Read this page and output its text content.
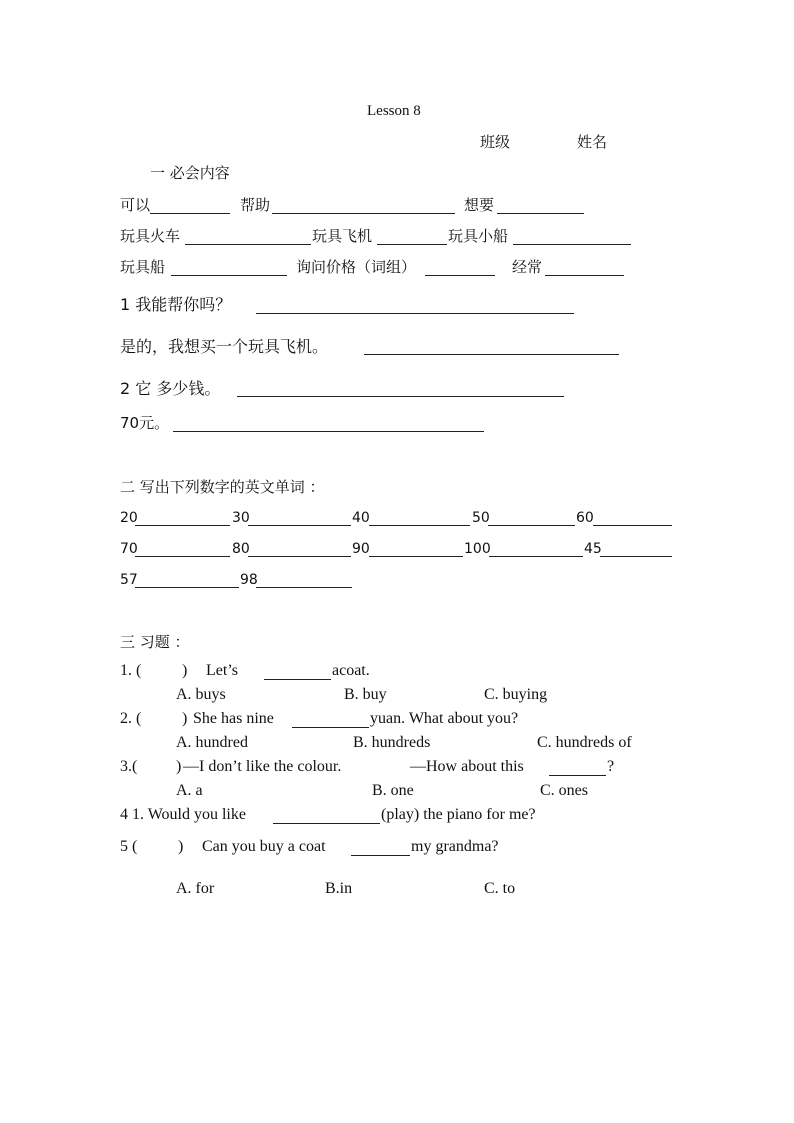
Lesson 8
班级	姓名
一 必会内容
可以	帮助	想要
玩具火车	玩具飞机	玩具小船
玩具船	询问价格（词组）	经常
1 我能帮你吗？
是的，我想买一个玩具飞机。
2 它 多少钱。
70元。
二 写出下列数字的英文单词 ：
20	30	40	50	60
70	80	90	100	45
57	98
三 习题 ：
1. (	) Let’s	acoat.
A. buys	B. buy	C. buying
2. (	) She has nine	yuan. What about you?
A. hundred	B. hundreds	C. hundreds of
3.( ) —I don’t like the colour.	—How about this	?
A. a	B. one	C. ones
4 1. Would you like	(play) the piano for me?
5 (	) Can you buy a coat	my grandma?
A. for	B.in	C. to
